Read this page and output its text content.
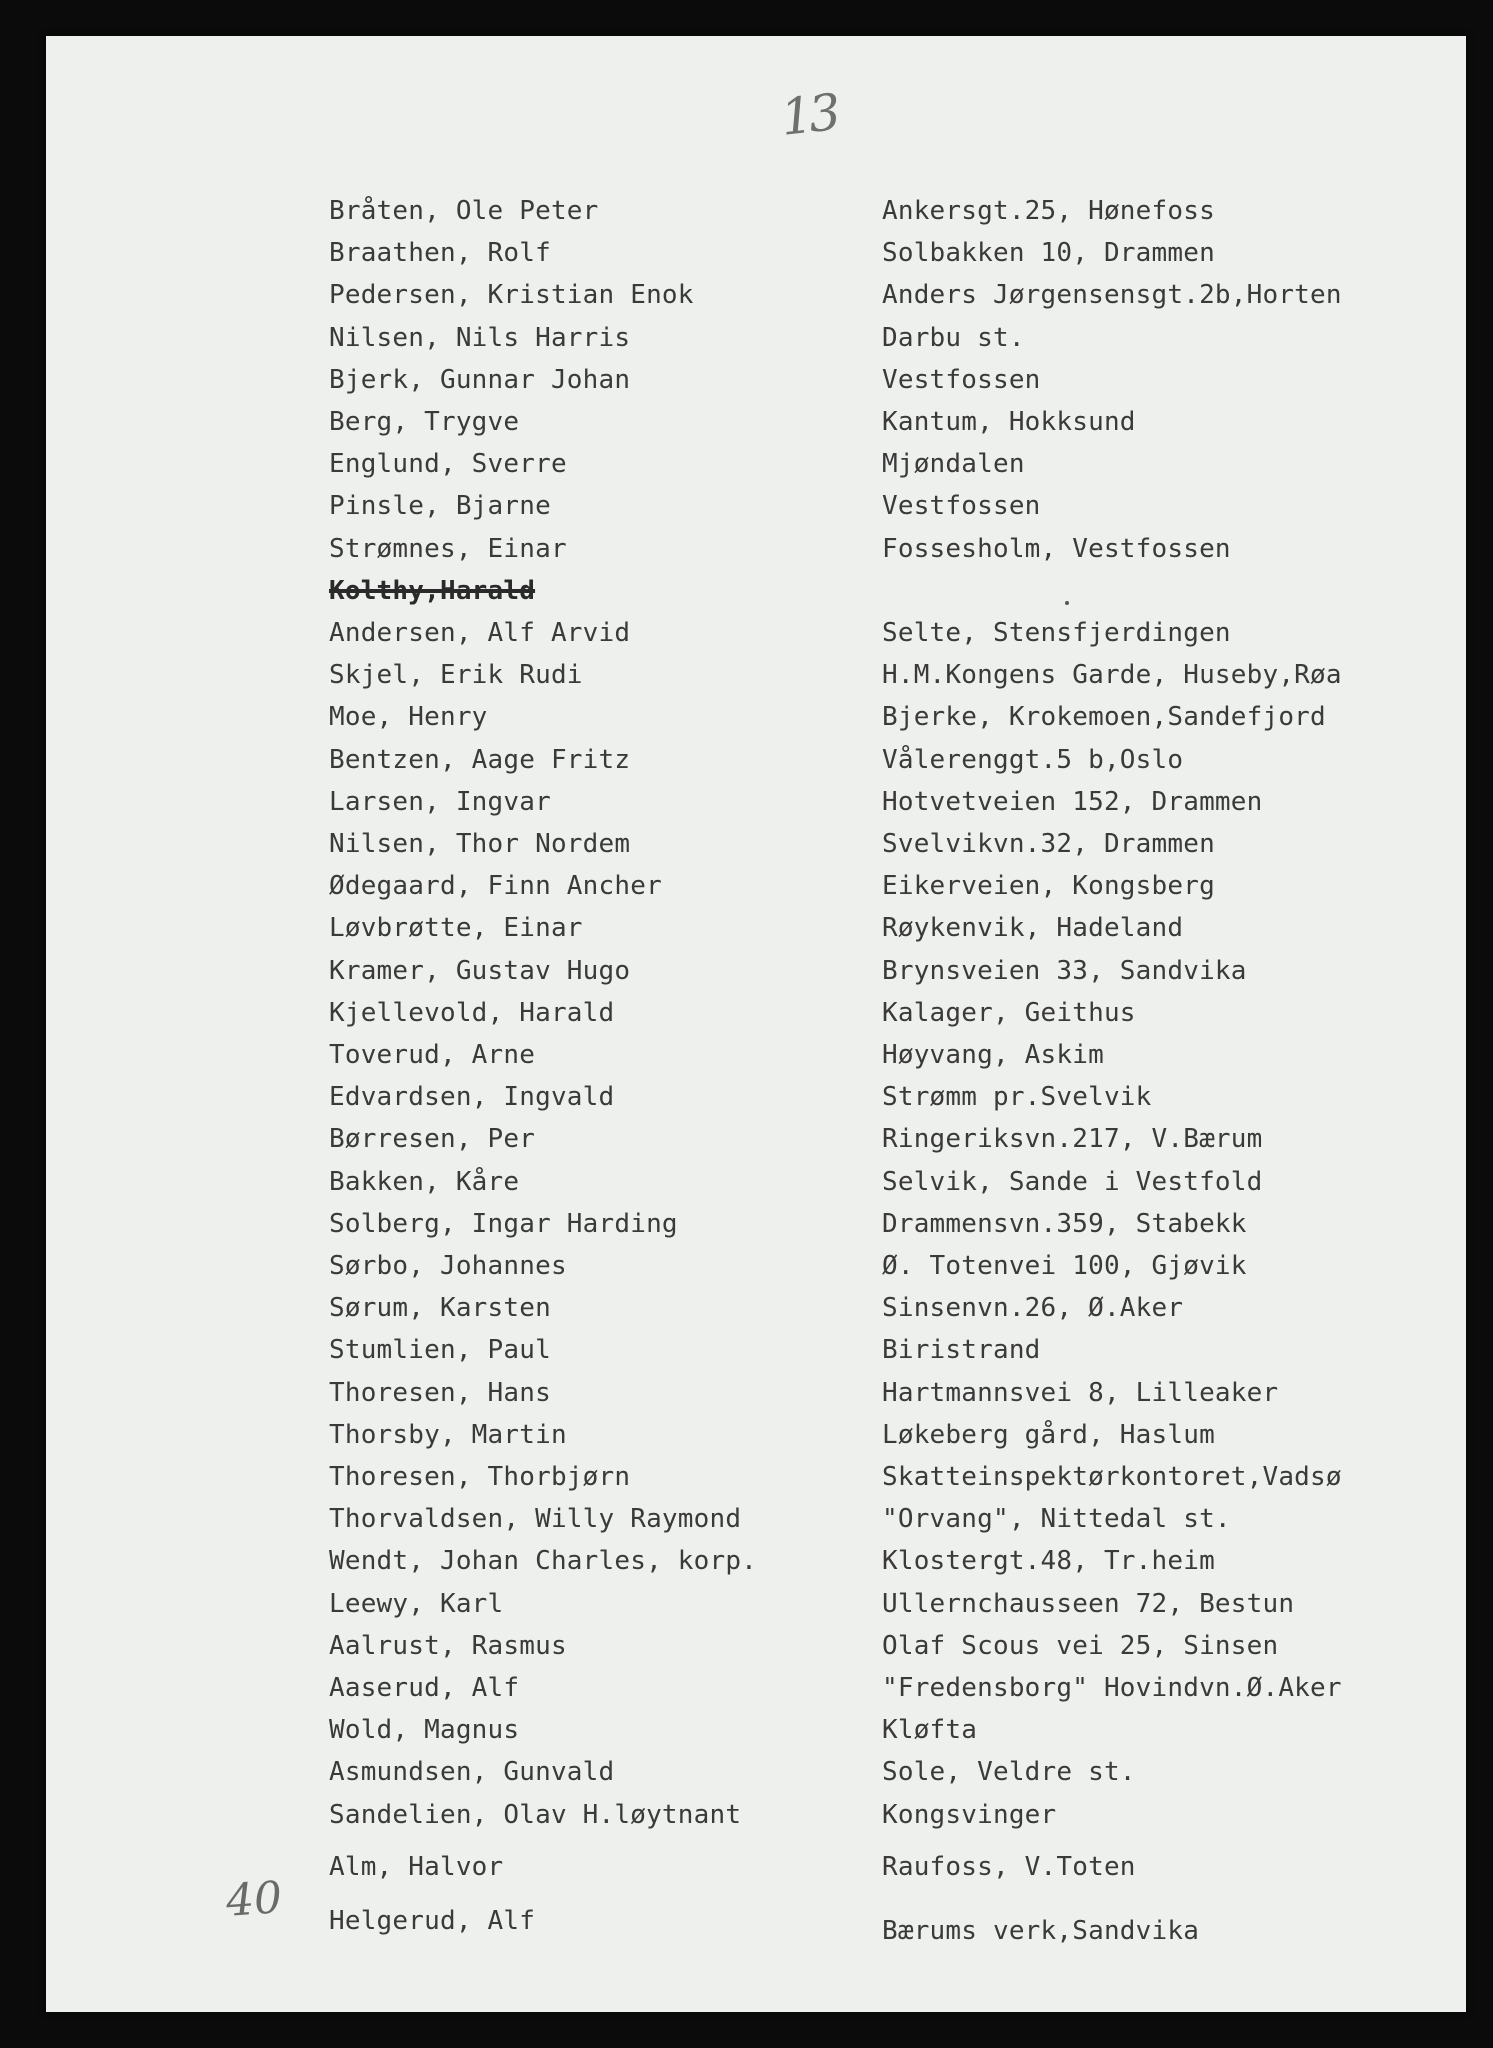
13
40
Bråten, Ole Peter	Ankersgt.25, Hønefoss
Braathen, Rolf	Solbakken 10, Drammen
Pedersen, Kristian Enok	Anders Jørgensensgt.2b,Horten
Nilsen, Nils Harris	Darbu st.
Bjerk, Gunnar Johan	Vestfossen
Berg, Trygve	Kantum, Hokksund
Englund, Sverre	Mjøndalen
Pinsle, Bjarne	Vestfossen
Strømnes, Einar	Fossesholm, Vestfossen
Kolthy,Harald
Andersen, Alf Arvid	Selte, Stensfjerdingen
Skjel, Erik Rudi	H.M.Kongens Garde, Huseby,Røa
Moe, Henry	Bjerke, Krokemoen,Sandefjord
Bentzen, Aage Fritz	Vålerenggt.5 b,Oslo
Larsen, Ingvar	Hotvetveien 152, Drammen
Nilsen, Thor Nordem	Svelvikvn.32, Drammen
Ødegaard, Finn Ancher	Eikerveien, Kongsberg
Løvbrøtte, Einar	Røykenvik, Hadeland
Kramer, Gustav Hugo	Brynsveien 33, Sandvika
Kjellevold, Harald	Kalager, Geithus
Toverud, Arne	Høyvang, Askim
Edvardsen, Ingvald	Strømm pr.Svelvik
Børresen, Per	Ringeriksvn.217, V.Bærum
Bakken, Kåre	Selvik, Sande i Vestfold
Solberg, Ingar Harding	Drammensvn.359, Stabekk
Sørbo, Johannes	Ø. Totenvei 100, Gjøvik
Sørum, Karsten	Sinsenvn.26, Ø.Aker
Stumlien, Paul	Biristrand
Thoresen, Hans	Hartmannsvei 8, Lilleaker
Thorsby, Martin	Løkeberg gård, Haslum
Thoresen, Thorbjørn	Skatteinspektørkontoret,Vadsø
Thorvaldsen, Willy Raymond	"Orvang", Nittedal st.
Wendt, Johan Charles, korp.	Klostergt.48, Tr.heim
Leewy, Karl	Ullernchausseen 72, Bestun
Aalrust, Rasmus	Olaf Scous vei 25, Sinsen
Aaserud, Alf	"Fredensborg" Hovindvn.Ø.Aker
Wold, Magnus	Kløfta
Asmundsen, Gunvald	Sole, Veldre st.
Sandelien, Olav H.løytnant	Kongsvinger
Alm, Halvor	Raufoss, V.Toten
Helgerud, Alf	Bærums verk,Sandvika
